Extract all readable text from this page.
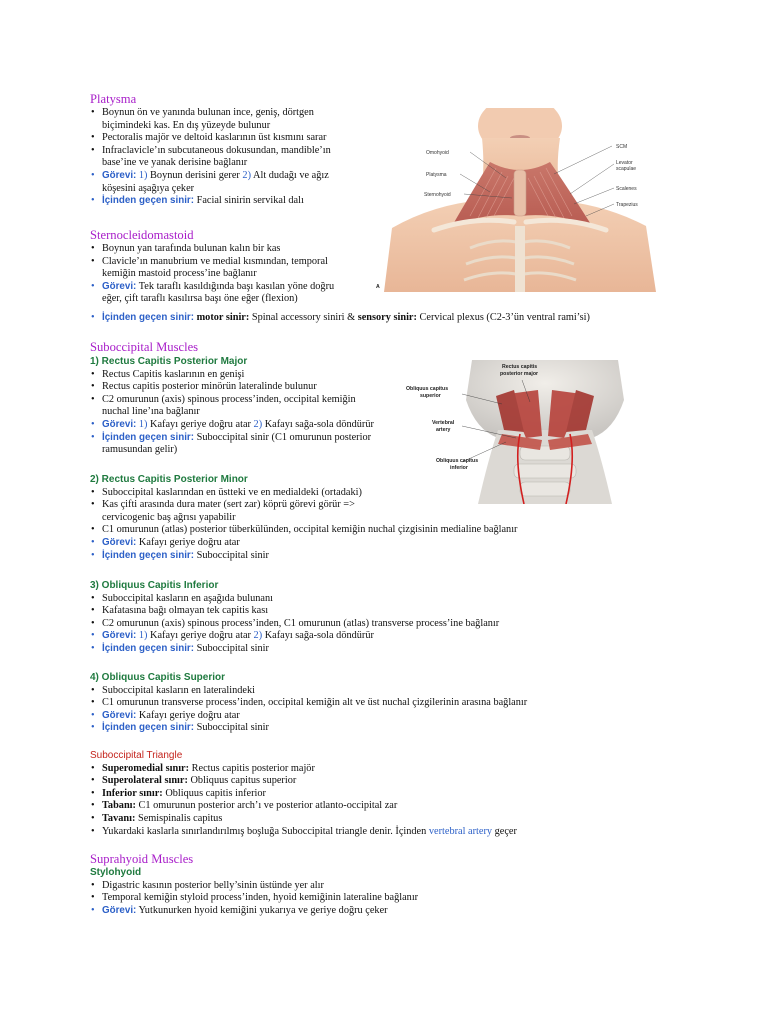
Platysma
• Boynun ön ve yanında bulunan ince, geniş, dörtgen biçimindeki kas. En dış yüzeyde bulunur
• Pectoralis majör ve deltoid kaslarının üst kısmını sarar
• Infraclavicle’ın subcutaneous dokusundan, mandible’ın base’ine ve yanak derisine bağlanır
• Görevi: 1) Boynun derisini gerer 2) Alt dudağı ve ağız köşesini aşağıya çeker
• İçinden geçen sinir: Facial sinirin servikal dalı
Omohyoid
Platysma
Sternohyoid
SCM
Levator
scapulae
Scalenes
Trapezius
A
Sternocleidomastoid
• Boynun yan tarafında bulunan kalın bir kas
• Clavicle’ın manubrium ve medial kısmından, temporal kemiğin mastoid process’ine bağlanır
• Görevi: Tek taraflı kasıldığında başı kasılan yöne doğru eğer, çift taraflı kasılırsa başı öne eğer (flexion)
• İçinden geçen sinir: motor sinir: Spinal accessory siniri & sensory sinir: Cervical plexus (C2-3’ün ventral rami’si)
Suboccipital Muscles
1) Rectus Capitis Posterior Major
• Rectus Capitis kaslarının en genişi
• Rectus capitis posterior minörün lateralinde bulunur
• C2 omurunun (axis) spinous process’inden, occipital kemiğin nuchal line’ına bağlanır
• Görevi: 1) Kafayı geriye doğru atar 2) Kafayı sağa-sola döndürür
• İçinden geçen sinir: Suboccipital sinir (C1 omurunun posterior ramusundan gelir)
Rectus capitis
posterior major
Obliquus capitus
superior
Vertebral
artery
Obliquus capitus
inferior
2) Rectus Capitis Posterior Minor
• Suboccipital kaslarından en üstteki ve en medialdeki (ortadaki)
• Kas çifti arasında dura mater (sert zar) köprü görevi görür => cervicogenic baş ağrısı yapabilir
• C1 omurunun (atlas) posterior tüberkülünden, occipital kemiğin nuchal çizgisinin medialine bağlanır
• Görevi: Kafayı geriye doğru atar
• İçinden geçen sinir: Suboccipital sinir
3) Obliquus Capitis Inferior
• Suboccipital kasların en aşağıda bulunanı
• Kafatasına bağı olmayan tek capitis kası
• C2 omurunun (axis) spinous process’inden, C1 omurunun (atlas) transverse process’ine bağlanır
• Görevi: 1) Kafayı geriye doğru atar 2) Kafayı sağa-sola döndürür
• İçinden geçen sinir: Suboccipital sinir
4) Obliquus Capitis Superior
• Suboccipital kasların en lateralindeki
• C1 omurunun transverse process’inden, occipital kemiğin alt ve üst nuchal çizgilerinin arasına bağlanır
• Görevi: Kafayı geriye doğru atar
• İçinden geçen sinir: Suboccipital sinir
Suboccipital Triangle
• Superomedial sınır: Rectus capitis posterior majör
• Superolateral sınır: Obliquus capitus superior
• Inferior sınır: Obliquus capitis inferior
• Tabanı: C1 omurunun posterior arch’ı ve posterior atlanto-occipital zar
• Tavanı: Semispinalis capitus
• Yukardaki kaslarla sınırlandırılmış boşluğa Suboccipital triangle denir. İçinden vertebral artery geçer
Suprahyoid Muscles
Stylohyoid
• Digastric kasının posterior belly’sinin üstünde yer alır
• Temporal kemiğin styloid process’inden, hyoid kemiğinin lateraline bağlanır
• Görevi: Yutkunurken hyoid kemiğini yukarıya ve geriye doğru çeker
